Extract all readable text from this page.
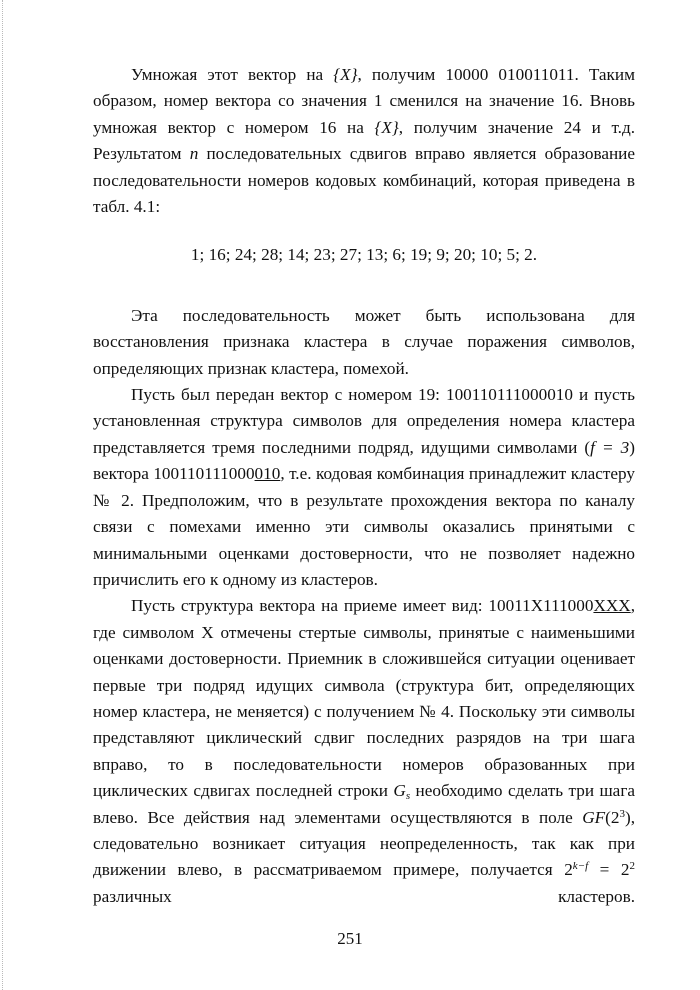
Умножая этот вектор на {X}, получим 10000 010011011. Таким образом, номер вектора со значения 1 сменился на значение 16. Вновь умножая вектор с номером 16 на {X}, получим значение 24 и т.д. Результатом n последовательных сдвигов вправо является образование последовательности номеров кодовых комбинаций, которая приведена в табл. 4.1:

1; 16; 24; 28; 14; 23; 27; 13; 6; 19; 9; 20; 10; 5; 2.

Эта последовательность может быть использована для восстановления признака кластера в случае поражения символов, определяющих признак кластера, помехой.

Пусть был передан вектор с номером 19: 100110111000010 и пусть установленная структура символов для определения номера кластера представляется тремя последними подряд, идущими символами (f = 3) вектора 100110111000010, т.е. кодовая комбинация принадлежит кластеру № 2. Предположим, что в результате прохождения вектора по каналу связи с помехами именно эти символы оказались принятыми с минимальными оценками достоверности, что не позволяет надежно причислить его к одному из кластеров.

Пусть структура вектора на приеме имеет вид: 10011X111000XXX, где символом X отмечены стертые символы, принятые с наименьшими оценками достоверности. Приемник в сложившейся ситуации оценивает первые три подряд идущих символа (структура бит, определяющих номер кластера, не меняется) с получением № 4. Поскольку эти символы представляют циклический сдвиг последних разрядов на три шага вправо, то в последовательности номеров образованных при циклических сдвигах последней строки $G_s$ необходимо сделать три шага влево. Все действия над элементами осуществляются в поле $GF(2^3)$, следовательно возникает ситуация неопределенность, так как при движении влево, в рассматриваемом примере, получается $2^{k-f} = 2^2$ различных кластеров.

251
